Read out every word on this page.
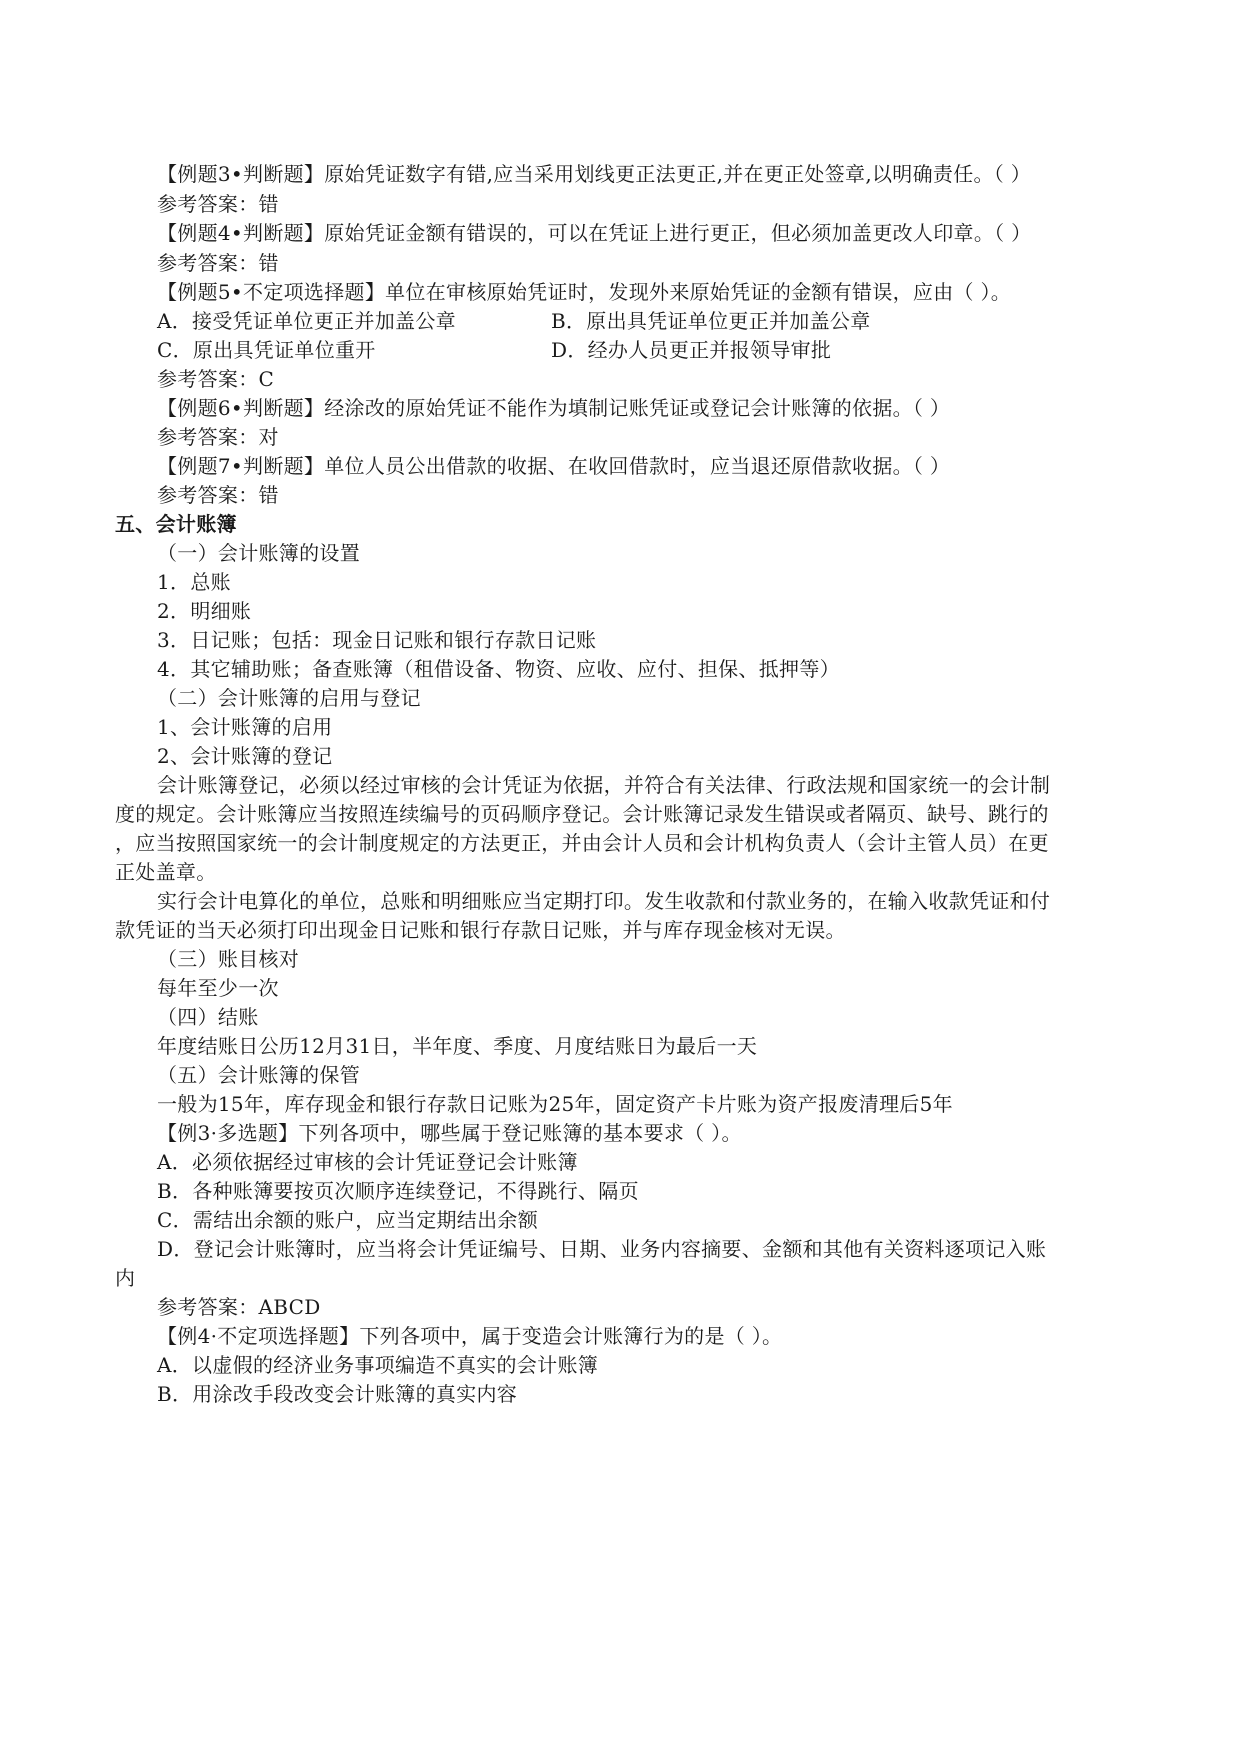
【例题3•判断题】原始凭证数字有错,应当采用划线更正法更正,并在更正处签章,以明确责任。（ ）
参考答案：错
【例题4•判断题】原始凭证金额有错误的，可以在凭证上进行更正，但必须加盖更改人印章。（ ）
参考答案：错
【例题5•不定项选择题】单位在审核原始凭证时，发现外来原始凭证的金额有错误，应由（ ）。
A．接受凭证单位更正并加盖公章	B．原出具凭证单位更正并加盖公章
C．原出具凭证单位重开	D．经办人员更正并报领导审批
参考答案：C
【例题6•判断题】经涂改的原始凭证不能作为填制记账凭证或登记会计账簿的依据。（ ）
参考答案：对
【例题7•判断题】单位人员公出借款的收据、在收回借款时，应当退还原借款收据。（ ）
参考答案：错
五、会计账簿
（一）会计账簿的设置
1．总账
2．明细账
3．日记账；包括：现金日记账和银行存款日记账
4．其它辅助账；备查账簿（租借设备、物资、应收、应付、担保、抵押等）
（二）会计账簿的启用与登记
1、会计账簿的启用
2、会计账簿的登记
会计账簿登记，必须以经过审核的会计凭证为依据，并符合有关法律、行政法规和国家统一的会计制
度的规定。会计账簿应当按照连续编号的页码顺序登记。会计账簿记录发生错误或者隔页、缺号、跳行的
，应当按照国家统一的会计制度规定的方法更正，并由会计人员和会计机构负责人（会计主管人员）在更
正处盖章。
实行会计电算化的单位，总账和明细账应当定期打印。发生收款和付款业务的，在输入收款凭证和付
款凭证的当天必须打印出现金日记账和银行存款日记账，并与库存现金核对无误。
（三）账目核对
每年至少一次
（四）结账
年度结账日公历12月31日，半年度、季度、月度结账日为最后一天
（五）会计账簿的保管
一般为15年，库存现金和银行存款日记账为25年，固定资产卡片账为资产报废清理后5年
【例3·多选题】下列各项中，哪些属于登记账簿的基本要求（ ）。
A．必须依据经过审核的会计凭证登记会计账簿
B．各种账簿要按页次顺序连续登记，不得跳行、隔页
C．需结出余额的账户，应当定期结出余额
D．登记会计账簿时，应当将会计凭证编号、日期、业务内容摘要、金额和其他有关资料逐项记入账
内
参考答案：ABCD
【例4·不定项选择题】下列各项中，属于变造会计账簿行为的是（ ）。
A．以虚假的经济业务事项编造不真实的会计账簿
B．用涂改手段改变会计账簿的真实内容
